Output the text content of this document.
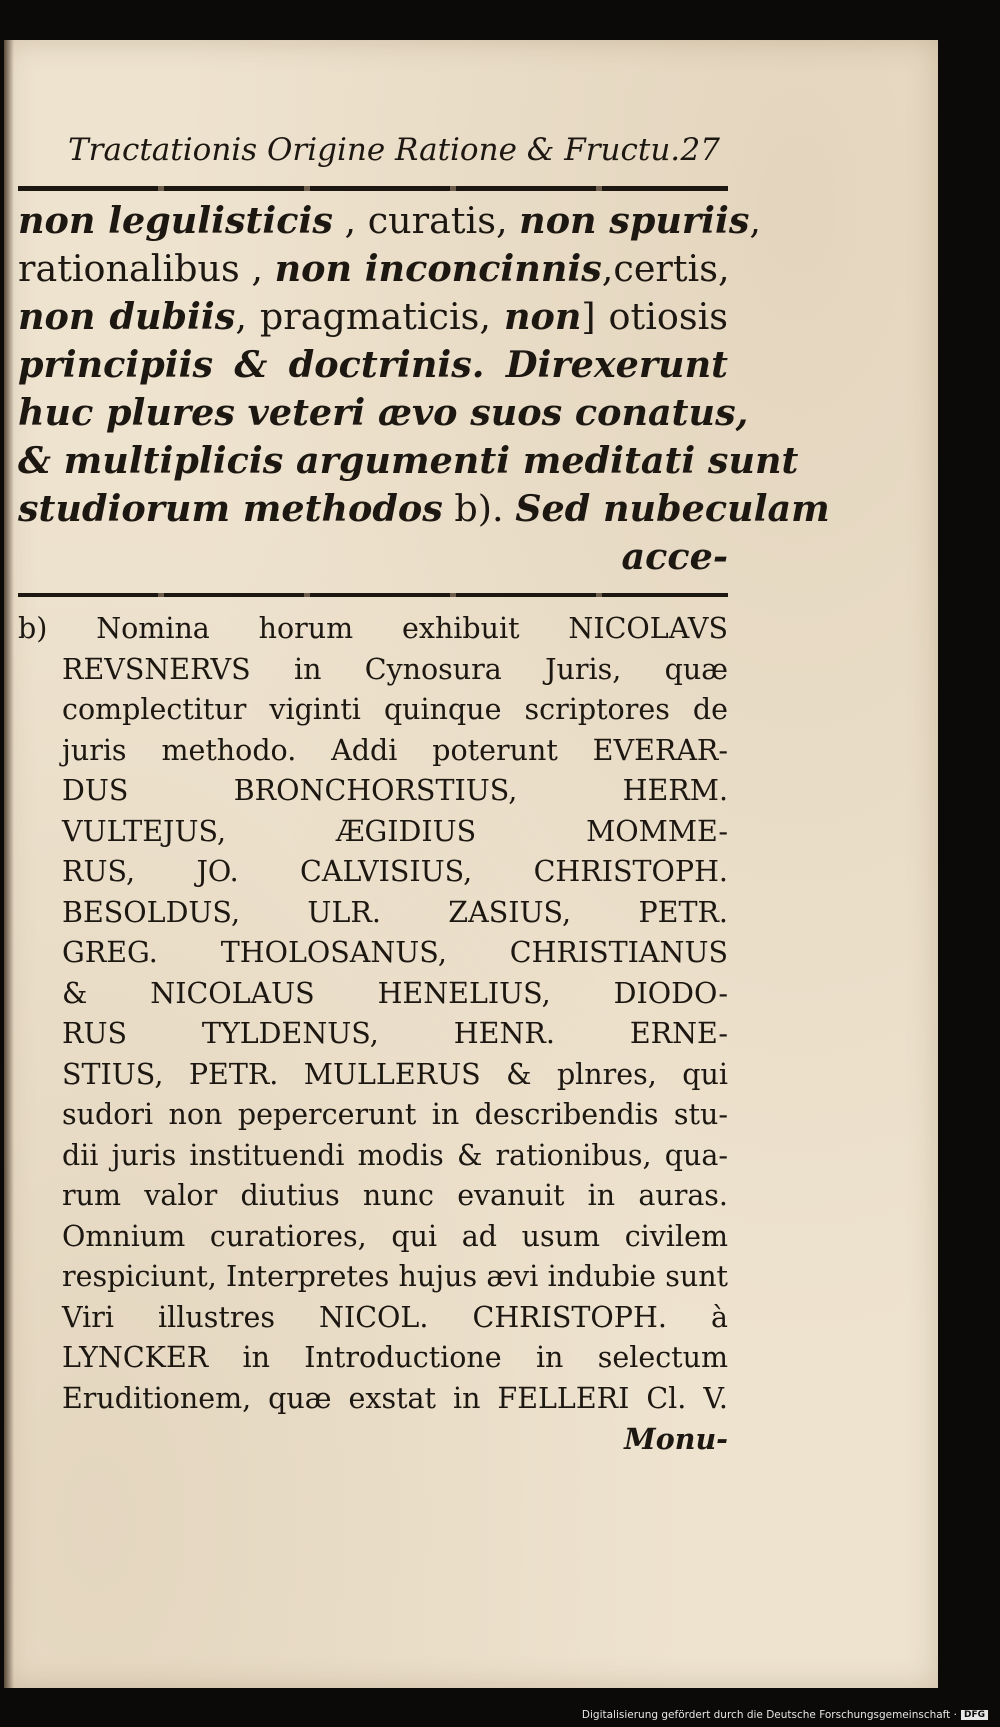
Tractationis Origine Ratione & Fructu. 27
non legulisticis , curatis, non spuriis,
rationalibus , non inconcinnis,certis,
non dubiis, pragmaticis, non] otiosis
principiis & doctrinis. Direxerunt
huc plures veteri ævo suos conatus,
& multiplicis argumenti meditati sunt
studiorum methodos b). Sed nubeculam
acce-
b) Nomina horum exhibuit NICOLAVS
REVSNERVS in Cynosura Juris, quæ
complectitur viginti quinque scriptores de
juris methodo. Addi poterunt EVERAR-
DUS BRONCHORSTIUS, HERM.
VULTEJUS, ÆGIDIUS MOMME-
RUS, JO. CALVISIUS, CHRISTOPH.
BESOLDUS, ULR. ZASIUS, PETR.
GREG. THOLOSANUS, CHRISTIANUS
& NICOLAUS HENELIUS, DIODO-
RUS TYLDENUS, HENR. ERNE-
STIUS, PETR. MULLERUS & plnres, qui
sudori non pepercerunt in describendis stu-
dii juris instituendi modis & rationibus, qua-
rum valor diutius nunc evanuit in auras.
Omnium curatiores, qui ad usum civilem
respiciunt, Interpretes hujus ævi indubie sunt
Viri illustres NICOL. CHRISTOPH. à
LYNCKER in Introductione in selectum
Eruditionem, quæ exstat in FELLERI Cl. V.
Monu-
Digitalisierung gefördert durch die Deutsche Forschungsgemeinschaft · DFG
